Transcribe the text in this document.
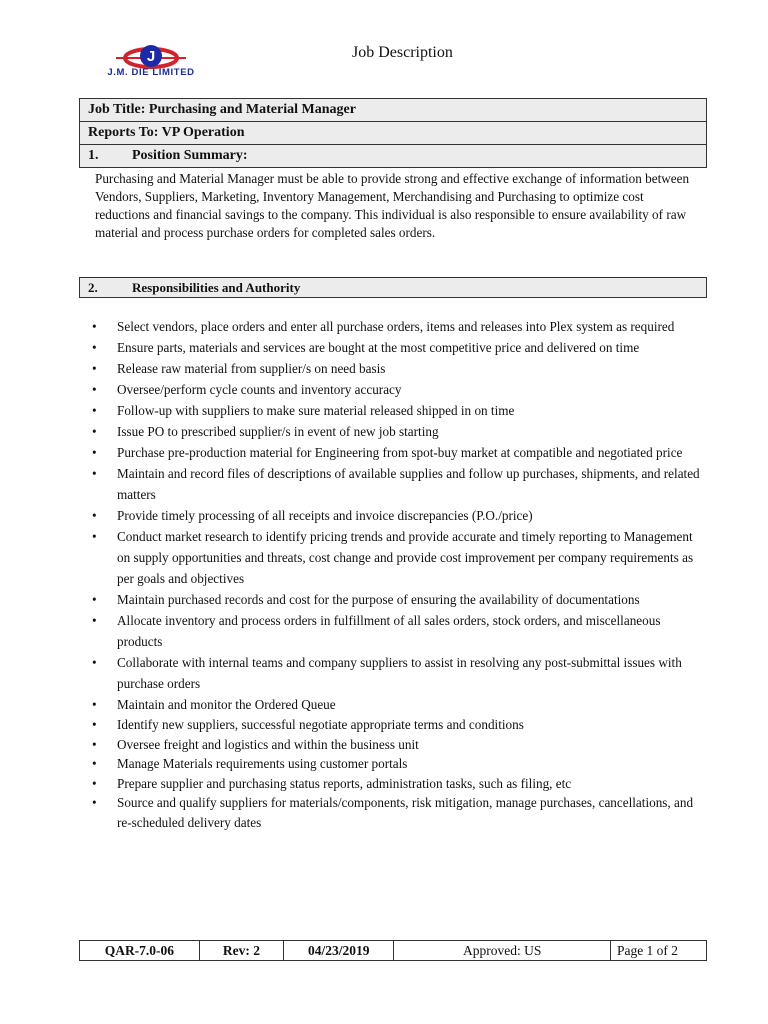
J
J.M. DIE LIMITED
Job Description
Job Title: Purchasing and Material Manager
Reports To: VP Operation
1. Position Summary:

Purchasing and Material Manager must be able to provide strong and effective exchange of information between Vendors, Suppliers, Marketing, Inventory Management, Merchandising and Purchasing to optimize cost reductions and financial savings to the company. This individual is also responsible to ensure availability of raw material and process purchase orders for completed sales orders.

2.	Responsibilities and Authority
• Select vendors, place orders and enter all purchase orders, items and releases into Plex system as required
• Ensure parts, materials and services are bought at the most competitive price and delivered on time
• Release raw material from supplier/s on need basis
• Oversee/perform cycle counts and inventory accuracy
• Follow-up with suppliers to make sure material released shipped in on time
• Issue PO to prescribed supplier/s in event of new job starting
• Purchase pre-production material for Engineering from spot-buy market at compatible and negotiated price
• Maintain and record files of descriptions of available supplies and follow up purchases, shipments, and related matters
• Provide timely processing of all receipts and invoice discrepancies (P.O./price)
• Conduct market research to identify pricing trends and provide accurate and timely reporting to Management on supply opportunities and threats, cost change and provide cost improvement per company requirements as per goals and objectives
• Maintain purchased records and cost for the purpose of ensuring the availability of documentations
• Allocate inventory and process orders in fulfillment of all sales orders, stock orders, and miscellaneous products
• Collaborate with internal teams and company suppliers to assist in resolving any post-submittal issues with purchase orders
• Maintain and monitor the Ordered Queue
• Identify new suppliers, successful negotiate appropriate terms and conditions
• Oversee freight and logistics and within the business unit
• Manage Materials requirements using customer portals
• Prepare supplier and purchasing status reports, administration tasks, such as filing, etc
• Source and qualify suppliers for materials/components, risk mitigation, manage purchases, cancellations, and re-scheduled delivery dates
QAR-7.0-06	Rev: 2	04/23/2019	Approved: US	Page 1 of 2
